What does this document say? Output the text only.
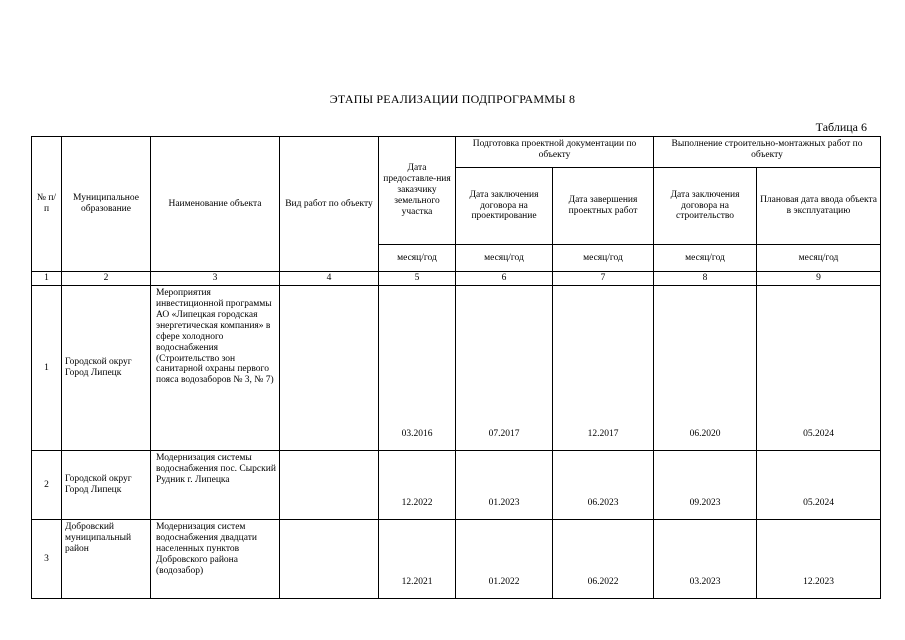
ЭТАПЫ РЕАЛИЗАЦИИ ПОДПРОГРАММЫ 8
Таблица 6
№ п/п	Муниципальное образование	Наименование объекта	Вид работ по объекту	Дата предоставле-ния заказчику земельного участка	Подготовка проектной документации по объекту		Выполнение строительно-монтажных работ по объекту	
					Дата заключения договора на проектирование	Дата завершения проектных работ	Дата заключения договора на строительство	Плановая дата ввода объекта в эксплуатацию
				месяц/год	месяц/год	месяц/год	месяц/год	месяц/год
1	2	3	4	5	6	7	8	9
1	Городской округ Город Липецк	Мероприятия инвестиционной программы АО «Липецкая городская энергетическая компания» в сфере холодного водоснабжения (Строительство зон санитарной охраны первого пояса водозаборов № 3, № 7)		03.2016	07.2017	12.2017	06.2020	05.2024
2	Городской округ Город Липецк	Модернизация системы водоснабжения пос. Сырский Рудник г. Липецка		12.2022	01.2023	06.2023	09.2023	05.2024
3	Добровский муниципальный район	Модернизация систем водоснабжения двадцати населенных пунктов Добровского района (водозабор)		12.2021	01.2022	06.2022	03.2023	12.2023
